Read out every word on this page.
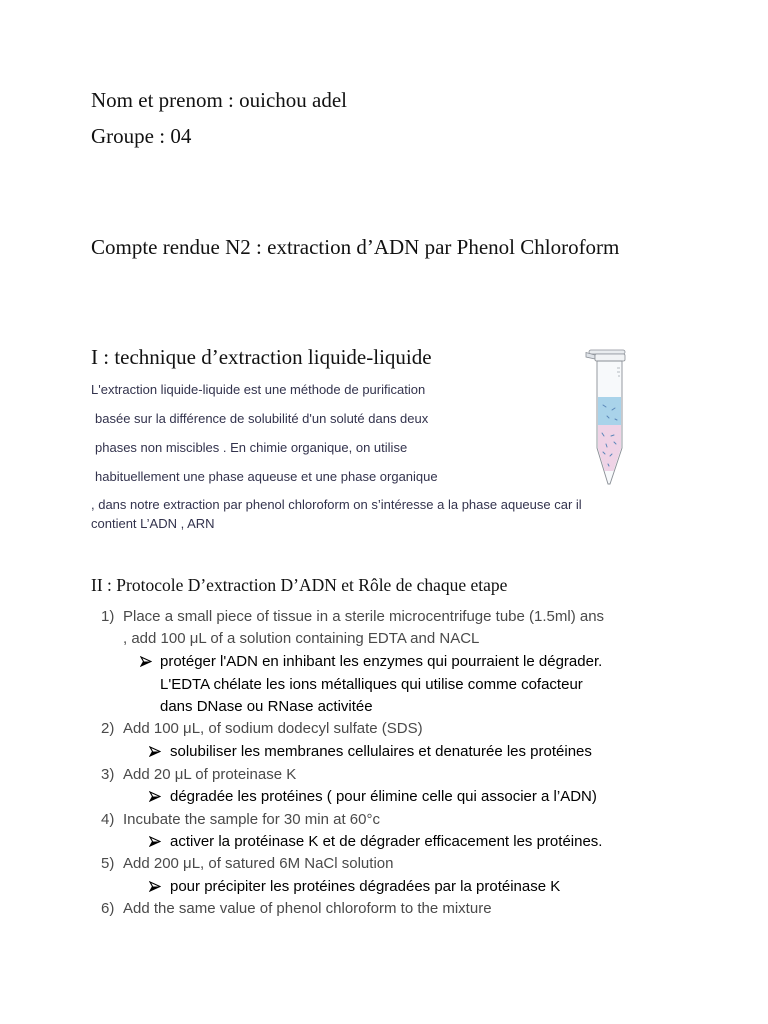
Nom et prenom : ouichou adel

Groupe : 04

Compte rendue N2 : extraction d’ADN par Phenol Chloroform
I : technique d’extraction liquide-liquide

L'extraction liquide-liquide est une méthode de purification

basée sur la différence de solubilité d'un soluté dans deux

phases non miscibles . En chimie organique, on utilise

habituellement une phase aqueuse et une phase organique

, dans notre extraction par phenol chloroform on s’intéresse a la phase aqueuse car il

contient L’ADN , ARN

II : Protocole D’extraction D’ADN et Rôle de chaque etape
1) Place a small piece of tissue in a sterile microcentrifuge tube (1.5ml) ans
, add 100 μL of a solution containing EDTA and NACL
protéger l'ADN en inhibant les enzymes qui pourraient le dégrader.
L'EDTA chélate les ions métalliques qui utilise comme cofacteur
dans DNase ou RNase activitée
2) Add 100 μL, of sodium dodecyl sulfate (SDS)
solubiliser les membranes cellulaires et denaturée les protéines
3) Add 20 μL of proteinase K
dégradée les protéines ( pour élimine celle qui associer a l’ADN)
4) Incubate the sample for 30 min at 60°c
activer la protéinase K et de dégrader efficacement les protéines.
5) Add 200 μL, of satured 6M NaCl solution
pour précipiter les protéines dégradées par la protéinase K
6) Add the same value of phenol chloroform to the mixture
